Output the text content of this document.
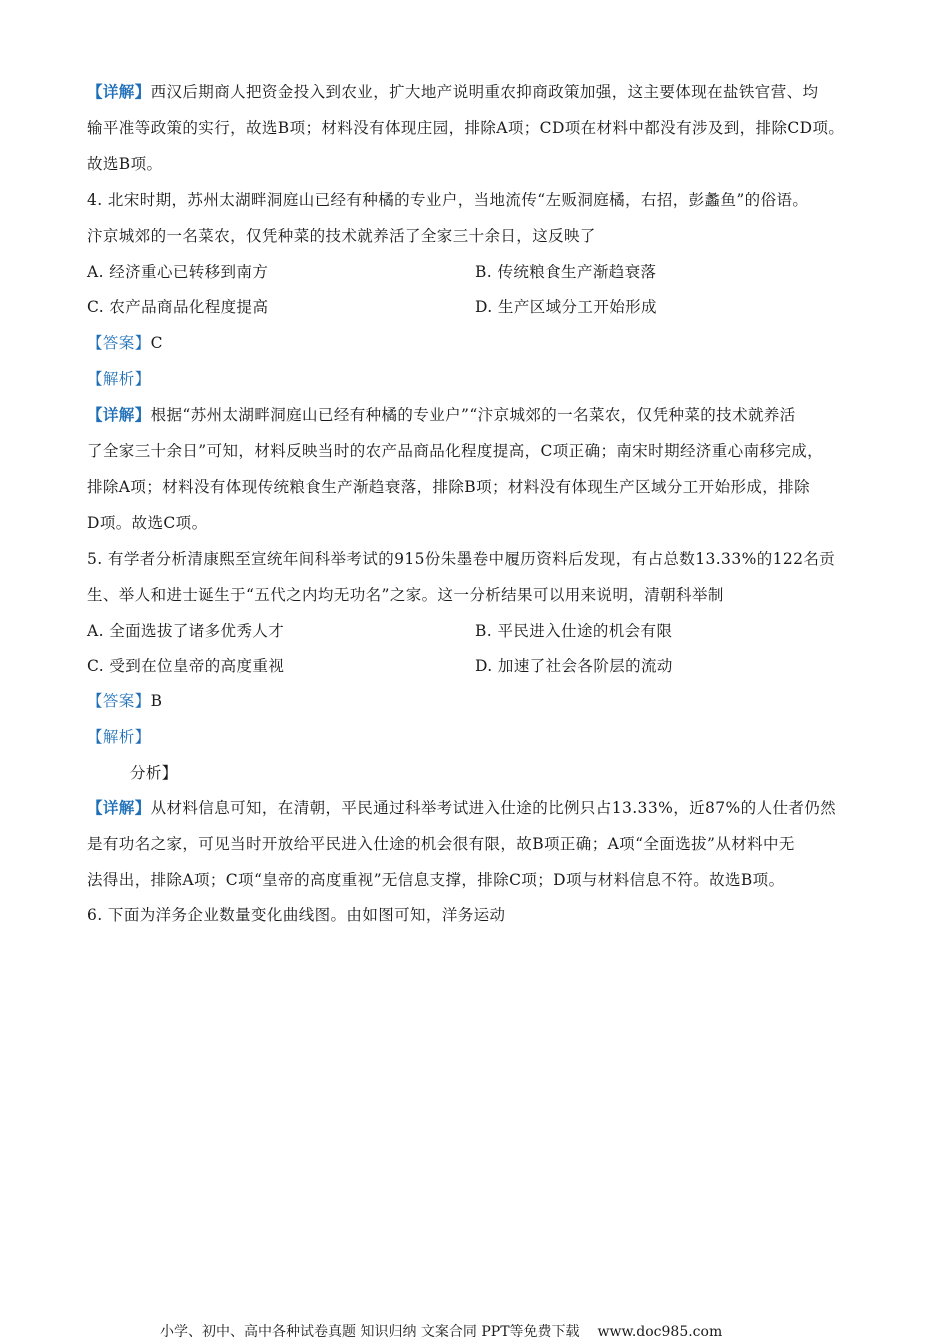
【详解】西汉后期商人把资金投入到农业，扩大地产说明重农抑商政策加强，这主要体现在盐铁官营、均
输平准等政策的实行，故选B项；材料没有体现庄园，排除A项；CD项在材料中都没有涉及到，排除CD项。
故选B项。
4. 北宋时期，苏州太湖畔洞庭山已经有种橘的专业户，当地流传“左贩洞庭橘，右招，彭蠡鱼”的俗语。
汴京城郊的一名菜农，仅凭种菜的技术就养活了全家三十余日，这反映了
A. 经济重心已转移到南方	B. 传统粮食生产渐趋衰落
C. 农产品商品化程度提高	D. 生产区域分工开始形成
【答案】C
【解析】
【详解】根据“苏州太湖畔洞庭山已经有种橘的专业户”“汴京城郊的一名菜农，仅凭种菜的技术就养活
了全家三十余日”可知，材料反映当时的农产品商品化程度提高，C项正确；南宋时期经济重心南移完成，
排除A项；材料没有体现传统粮食生产渐趋衰落，排除B项；材料没有体现生产区域分工开始形成，排除
D项。故选C项。
5. 有学者分析清康熙至宣统年间科举考试的915份朱墨卷中履历资料后发现，有占总数13.33%的122名贡
生、举人和进士诞生于“五代之内均无功名”之家。这一分析结果可以用来说明，清朝科举制
A. 全面选拔了诸多优秀人才	B. 平民进入仕途的机会有限
C. 受到在位皇帝的高度重视	D. 加速了社会各阶层的流动
【答案】B
【解析】
分析】
【详解】从材料信息可知，在清朝，平民通过科举考试进入仕途的比例只占13.33%，近87%的人仕者仍然
是有功名之家，可见当时开放给平民进入仕途的机会很有限，故B项正确；A项“全面选拔”从材料中无
法得出，排除A项；C项“皇帝的高度重视”无信息支撑，排除C项；D项与材料信息不符。故选B项。
6. 下面为洋务企业数量变化曲线图。由如图可知，洋务运动
小学、初中、高中各种试卷真题 知识归纳 文案合同 PPT等免费下载 www.doc985.com
